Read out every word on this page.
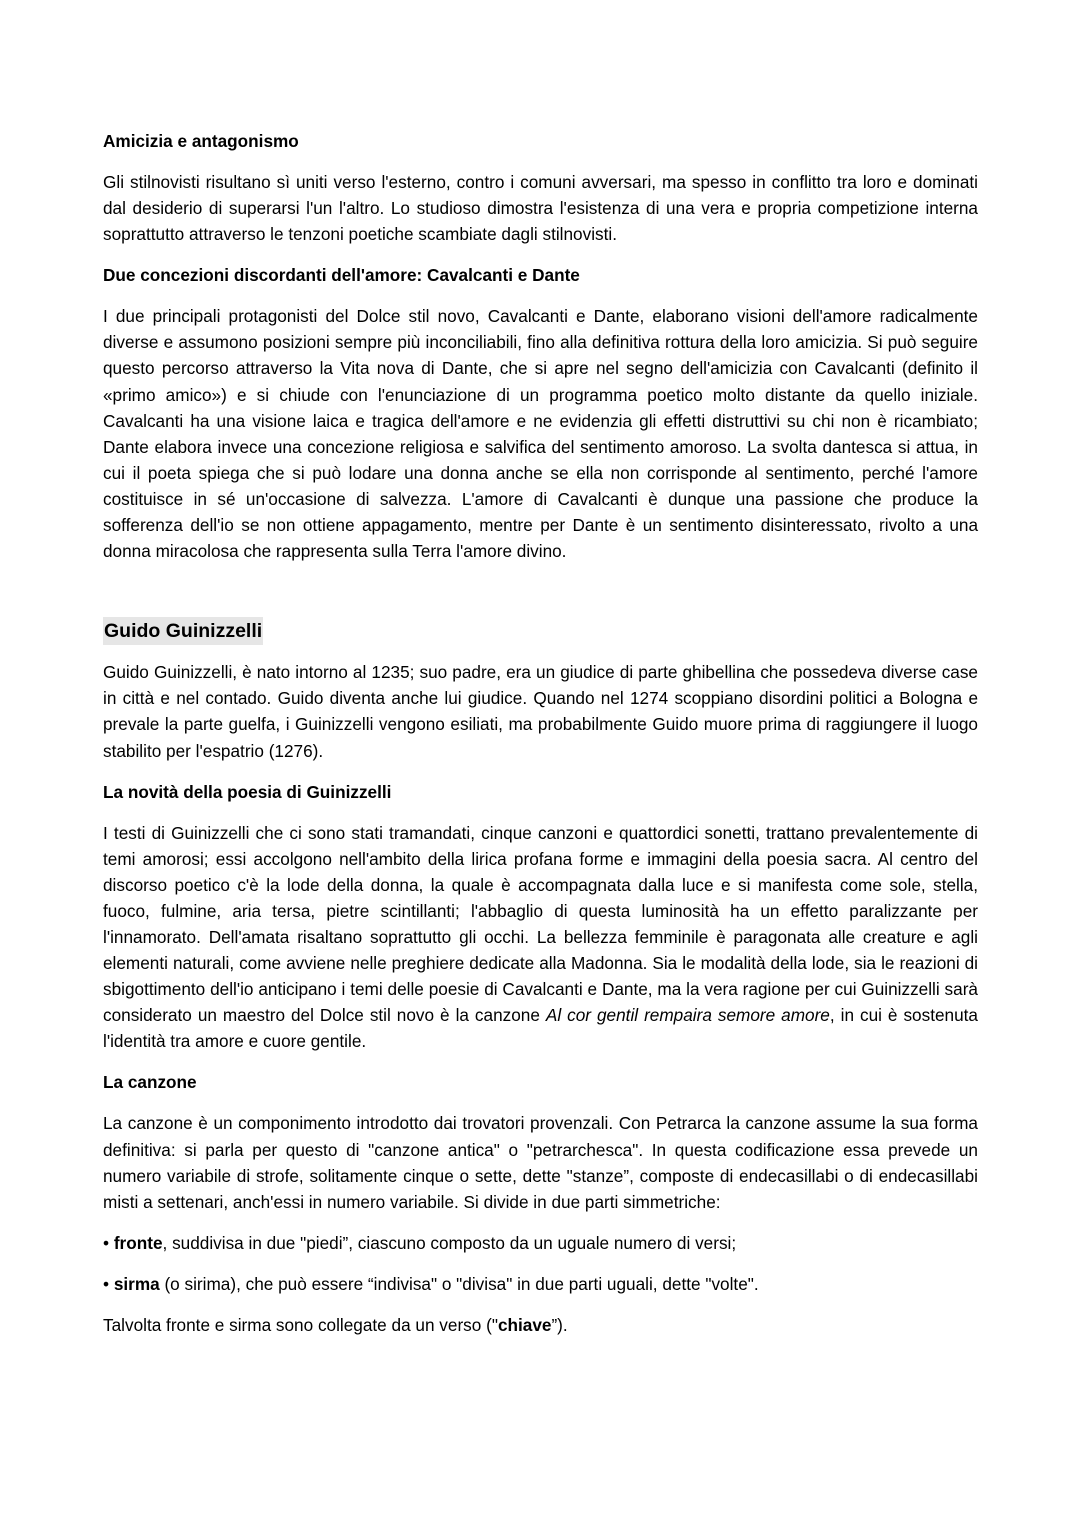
Amicizia e antagonismo

Gli stilnovisti risultano sì uniti verso l'esterno, contro i comuni avversari, ma spesso in conflitto tra loro e dominati dal desiderio di superarsi l'un l'altro. Lo studioso dimostra l'esistenza di una vera e propria competizione interna soprattutto attraverso le tenzoni poetiche scambiate dagli stilnovisti.

Due concezioni discordanti dell'amore: Cavalcanti e Dante

I due principali protagonisti del Dolce stil novo, Cavalcanti e Dante, elaborano visioni dell'amore radicalmente diverse e assumono posizioni sempre più inconciliabili, fino alla definitiva rottura della loro amicizia. Si può seguire questo percorso attraverso la Vita nova di Dante, che si apre nel segno dell'amicizia con Cavalcanti (definito il «primo amico») e si chiude con l'enunciazione di un programma poetico molto distante da quello iniziale. Cavalcanti ha una visione laica e tragica dell'amore e ne evidenzia gli effetti distruttivi su chi non è ricambiato; Dante elabora invece una concezione religiosa e salvifica del sentimento amoroso. La svolta dantesca si attua, in cui il poeta spiega che si può lodare una donna anche se ella non corrisponde al sentimento, perché l'amore costituisce in sé un'occasione di salvezza. L'amore di Cavalcanti è dunque una passione che produce la sofferenza dell'io se non ottiene appagamento, mentre per Dante è un sentimento disinteressato, rivolto a una donna miracolosa che rappresenta sulla Terra l'amore divino.

Guido Guinizzelli

Guido Guinizzelli, è nato intorno al 1235; suo padre, era un giudice di parte ghibellina che possedeva diverse case in città e nel contado. Guido diventa anche lui giudice. Quando nel 1274 scoppiano disordini politici a Bologna e prevale la parte guelfa, i Guinizzelli vengono esiliati, ma probabilmente Guido muore prima di raggiungere il luogo stabilito per l'espatrio (1276).

La novità della poesia di Guinizzelli

I testi di Guinizzelli che ci sono stati tramandati, cinque canzoni e quattordici sonetti, trattano prevalentemente di temi amorosi; essi accolgono nell'ambito della lirica profana forme e immagini della poesia sacra. Al centro del discorso poetico c'è la lode della donna, la quale è accompagnata dalla luce e si manifesta come sole, stella, fuoco, fulmine, aria tersa, pietre scintillanti; l'abbaglio di questa luminosità ha un effetto paralizzante per l'innamorato. Dell'amata risaltano soprattutto gli occhi. La bellezza femminile è paragonata alle creature e agli elementi naturali, come avviene nelle preghiere dedicate alla Madonna. Sia le modalità della lode, sia le reazioni di sbigottimento dell'io anticipano i temi delle poesie di Cavalcanti e Dante, ma la vera ragione per cui Guinizzelli sarà considerato un maestro del Dolce stil novo è la canzone Al cor gentil rempaira semore amore, in cui è sostenuta l'identità tra amore e cuore gentile.

La canzone

La canzone è un componimento introdotto dai trovatori provenzali. Con Petrarca la canzone assume la sua forma definitiva: si parla per questo di "canzone antica" o "petrarchesca". In questa codificazione essa prevede un numero variabile di strofe, solitamente cinque o sette, dette "stanze”, composte di endecasillabi o di endecasillabi misti a settenari, anch'essi in numero variabile. Si divide in due parti simmetriche:

• fronte, suddivisa in due "piedi”, ciascuno composto da un uguale numero di versi;

• sirma (o sirima), che può essere “indivisa" o "divisa" in due parti uguali, dette "volte".

Talvolta fronte e sirma sono collegate da un verso ("chiave”).
